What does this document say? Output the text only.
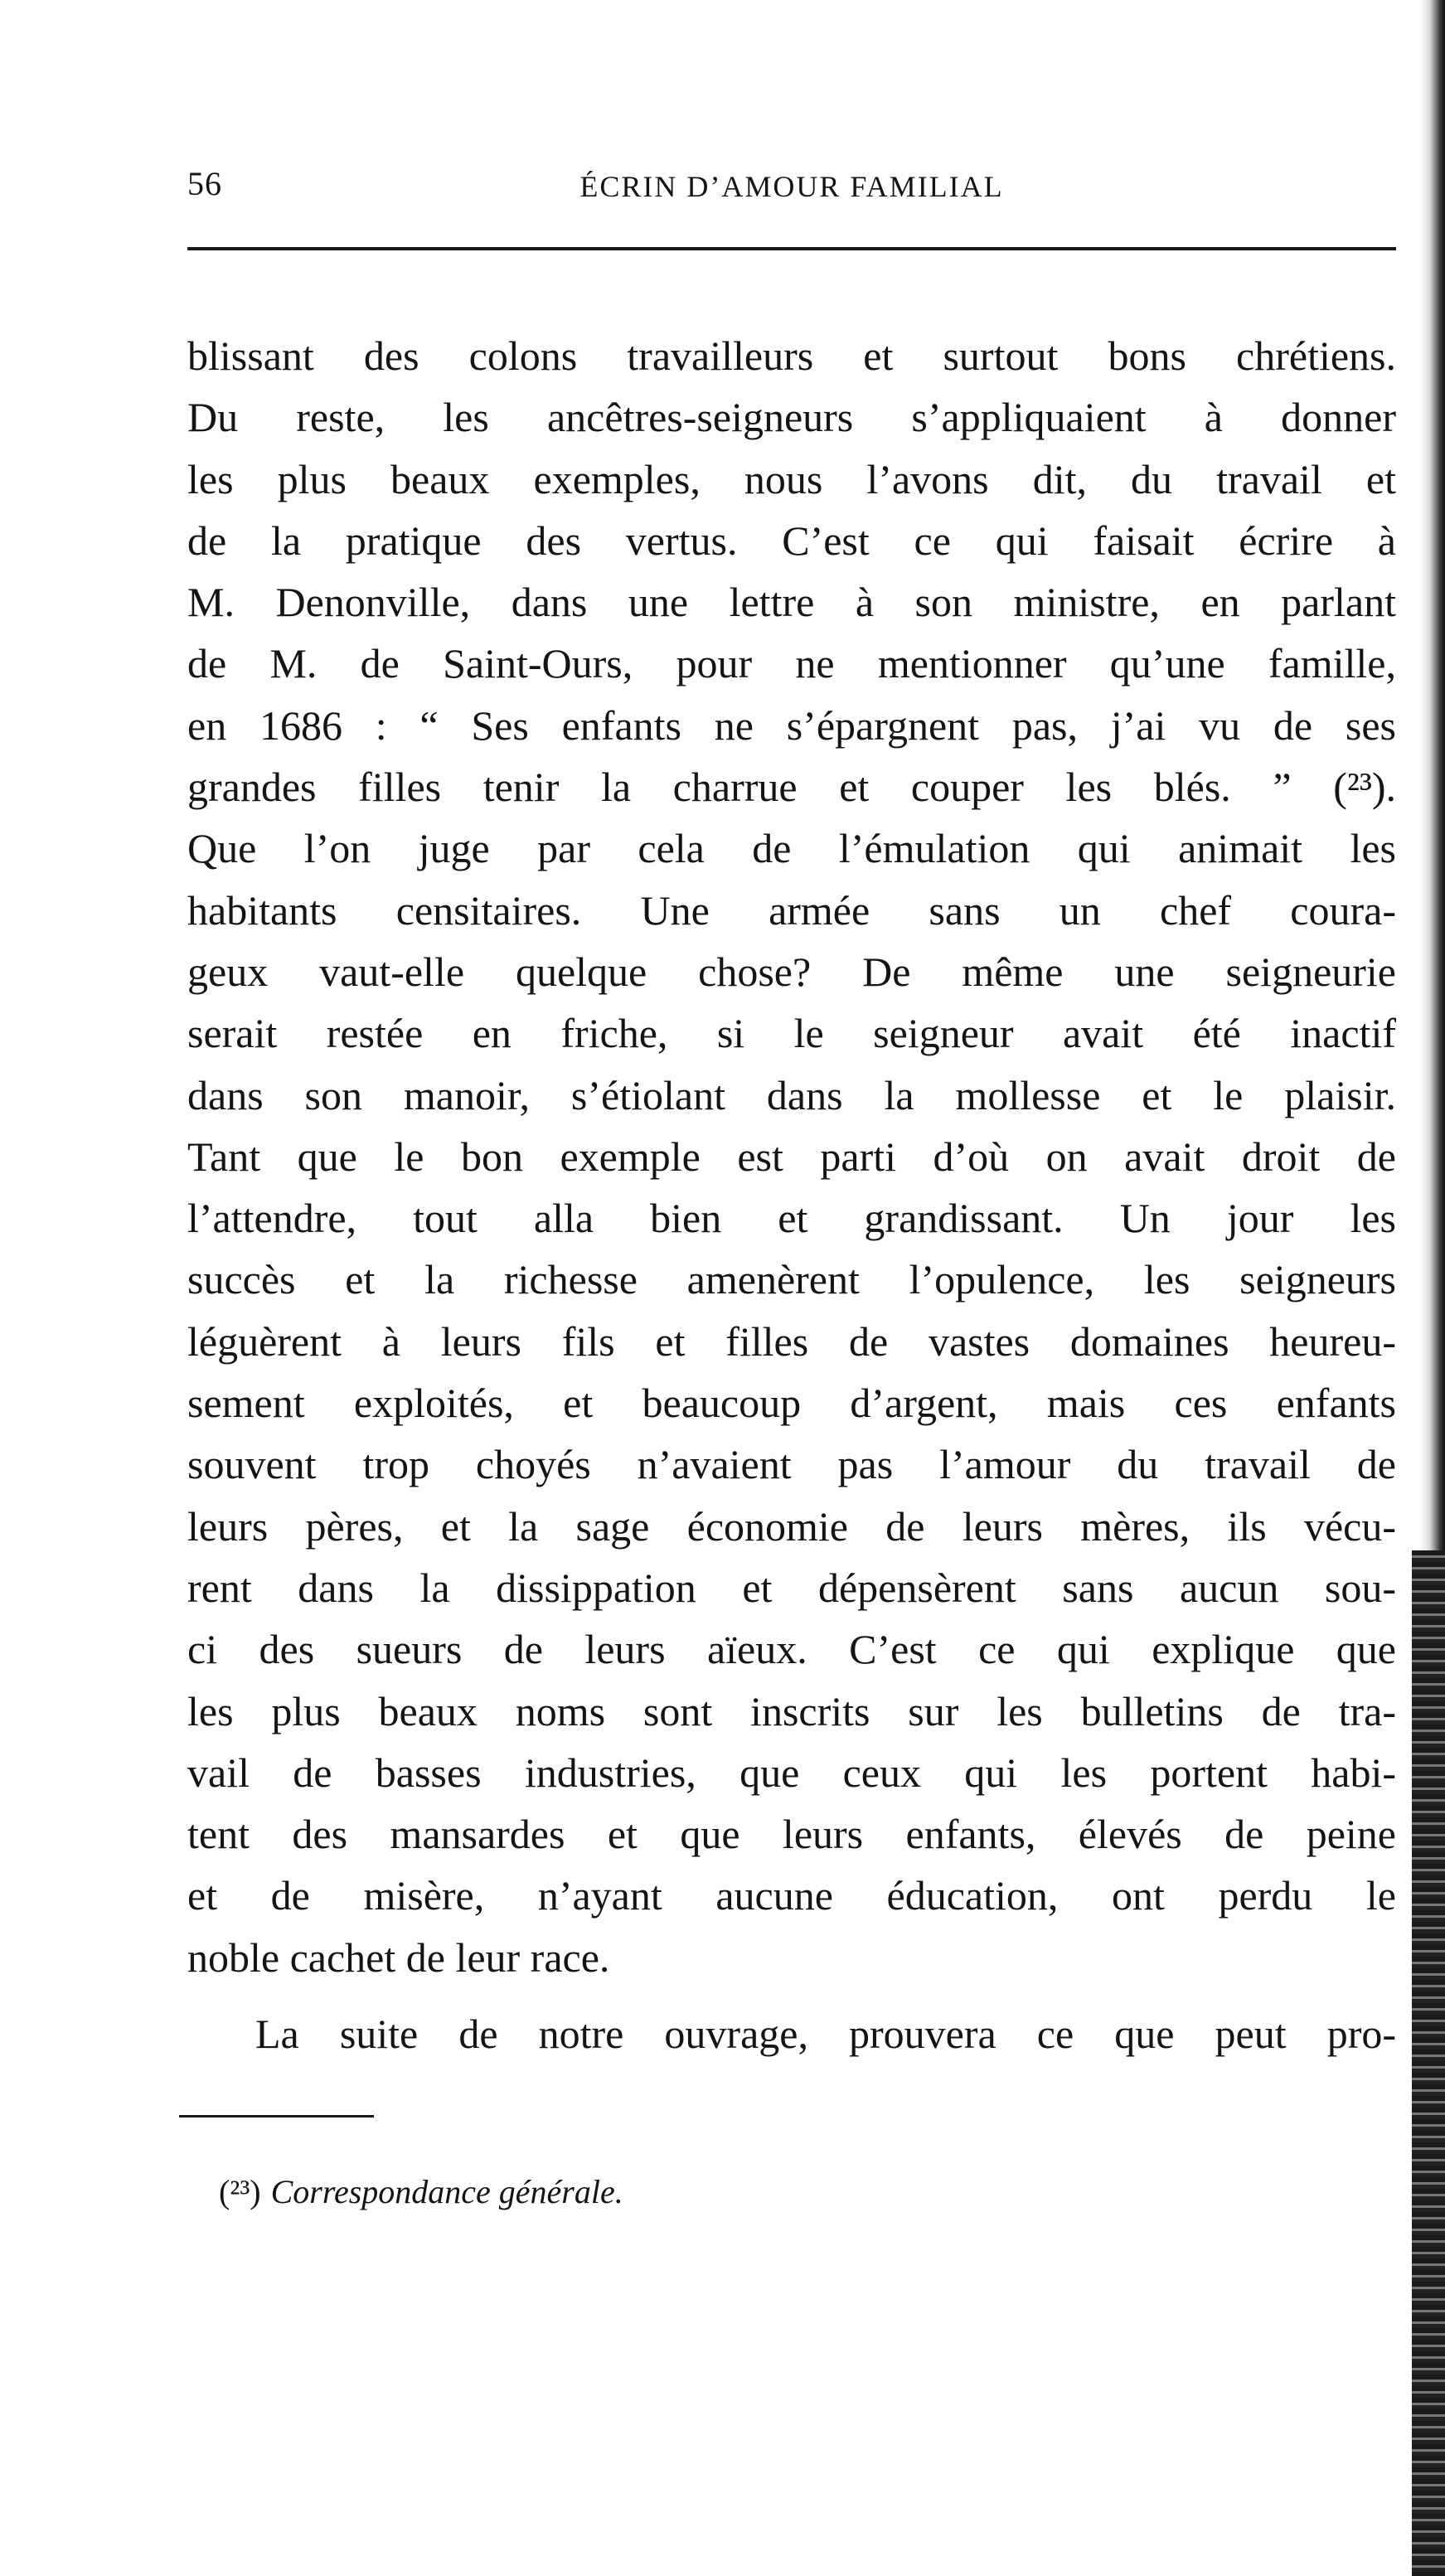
56	ÉCRIN D’AMOUR FAMILIAL
blissant des colons travailleurs et surtout bons chrétiens.
Du reste, les ancêtres-seigneurs s’appliquaient à donner
les plus beaux exemples, nous l’avons dit, du travail et
de la pratique des vertus. C’est ce qui faisait écrire à
M. Denonville, dans une lettre à son ministre, en parlant
de M. de Saint-Ours, pour ne mentionner qu’une famille,
en 1686 : “ Ses enfants ne s’épargnent pas, j’ai vu de ses
grandes filles tenir la charrue et couper les blés. ” (²³).
Que l’on juge par cela de l’émulation qui animait les
habitants censitaires. Une armée sans un chef coura-
geux vaut-elle quelque chose? De même une seigneurie
serait restée en friche, si le seigneur avait été inactif
dans son manoir, s’étiolant dans la mollesse et le plaisir.
Tant que le bon exemple est parti d’où on avait droit de
l’attendre, tout alla bien et grandissant. Un jour les
succès et la richesse amenèrent l’opulence, les seigneurs
léguèrent à leurs fils et filles de vastes domaines heureu-
sement exploités, et beaucoup d’argent, mais ces enfants
souvent trop choyés n’avaient pas l’amour du travail de
leurs pères, et la sage économie de leurs mères, ils vécu-
rent dans la dissippation et dépensèrent sans aucun sou-
ci des sueurs de leurs aïeux. C’est ce qui explique que
les plus beaux noms sont inscrits sur les bulletins de tra-
vail de basses industries, que ceux qui les portent habi-
tent des mansardes et que leurs enfants, élevés de peine
et de misère, n’ayant aucune éducation, ont perdu le
noble cachet de leur race.
La suite de notre ouvrage, prouvera ce que peut pro-
(²³) Correspondance générale.
